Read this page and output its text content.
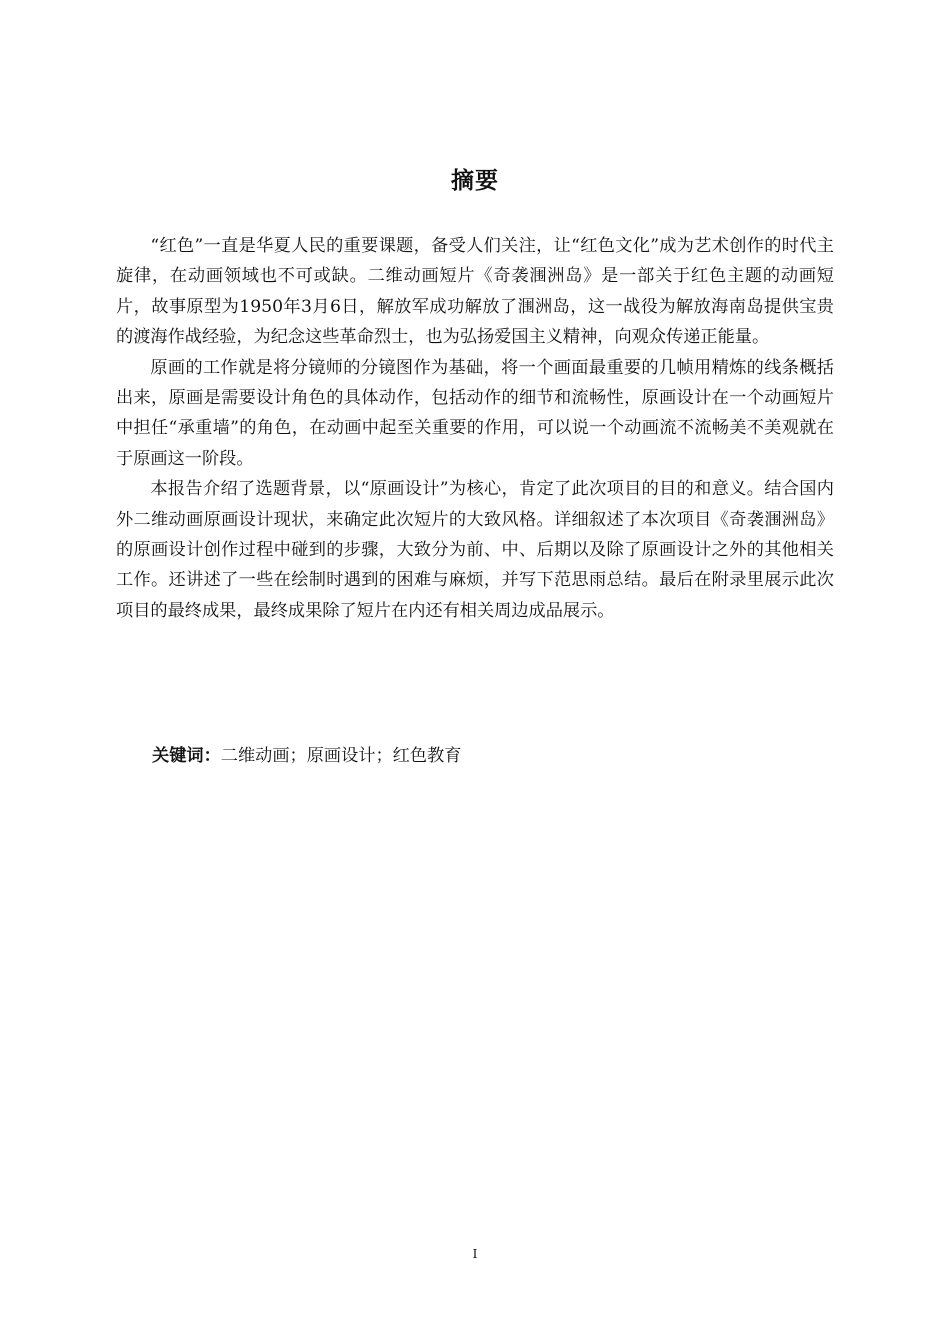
摘要

“红色”一直是华夏人民的重要课题，备受人们关注，让“红色文化”成为艺术创作的时代主旋律，在动画领域也不可或缺。二维动画短片《奇袭涠洲岛》是一部关于红色主题的动画短片，故事原型为1950年3月6日，解放军成功解放了涠洲岛，这一战役为解放海南岛提供宝贵的渡海作战经验，为纪念这些革命烈士，也为弘扬爱国主义精神，向观众传递正能量。

原画的工作就是将分镜师的分镜图作为基础，将一个画面最重要的几帧用精炼的线条概括出来，原画是需要设计角色的具体动作，包括动作的细节和流畅性，原画设计在一个动画短片中担任“承重墙”的角色，在动画中起至关重要的作用，可以说一个动画流不流畅美不美观就在于原画这一阶段。

本报告介绍了选题背景，以“原画设计”为核心，肯定了此次项目的目的和意义。结合国内外二维动画原画设计现状，来确定此次短片的大致风格。详细叙述了本次项目《奇袭涠洲岛》的原画设计创作过程中碰到的步骤，大致分为前、中、后期以及除了原画设计之外的其他相关工作。还讲述了一些在绘制时遇到的困难与麻烦，并写下范思雨总结。最后在附录里展示此次项目的最终成果，最终成果除了短片在内还有相关周边成品展示。

关键词：二维动画；原画设计；红色教育
I
